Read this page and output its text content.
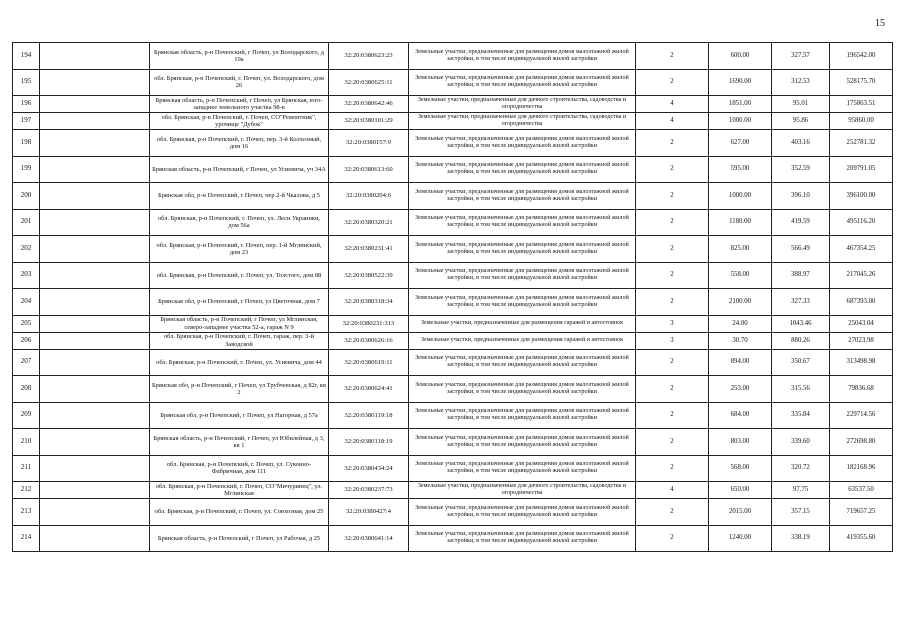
15
194		Брянская область, р-н Почепский, г Почеп, ул Володарского, д 19а	32:20:0380623:23	Земельные участки, предназначенные для размещения домов малоэтажной жилой застройки, в том числе индивидуальной жилой застройки	2	600.00	327.57	196542.00
195		обл. Брянская, р-н Почепский, г. Почеп, ул. Володарского, дом 26	32:20:0380625:11	Земельные участки, предназначенные для размещения домов малоэтажной жилой застройки, в том числе индивидуальной жилой застройки	2	1690.00	312.53	528175.70
196		Брянская область, р-н Почепский, г Почеп, ул Брянская, юго-западнее земельного участка 98-в	32:20:0380642:46	Земельные участки, предназначенные для дачного строительства, садоводства и огородничества	4	1851.00	95.01	175863.51
197		обл. Брянская, р-н Почепский, г. Почеп, СО"Ремонтник", урочище "Дубок"	32:20:0380101:29	Земельные участки, предназначенные для дачного строительства, садоводства и огородничества	4	1000.00	95.86	95860.00
198		обл. Брянская, р-н Почепский, г. Почеп, пер. 3-й Колхозный, дом 16	32:20:0380157:9	Земельные участки, предназначенные для размещения домов малоэтажной жилой застройки, в том числе индивидуальной жилой застройки	2	627.00	403.16	252781.32
199		Брянская область, р-н Почепский, г Почеп, ул Усиевича, уч 34А	32:20:0380613:60	Земельные участки, предназначенные для размещения домов малоэтажной жилой застройки, в том числе индивидуальной жилой застройки	2	595.00	352.59	209791.05
200		Брянская обл, р-н Почепский, г Почеп, пер 2-й Чкалова, д 5	32:20:0380204:6	Земельные участки, предназначенные для размещения домов малоэтажной жилой застройки, в том числе индивидуальной жилой застройки	2	1000.00	396.10	396100.00
201		обл. Брянская, р-н Почепский, г. Почеп, ул. Леси Украинки, дом 56а	32:20:0380320:21	Земельные участки, предназначенные для размещения домов малоэтажной жилой застройки, в том числе индивидуальной жилой застройки	2	1180.00	419.59	495116.20
202		обл. Брянская, р-н Почепский, г. Почеп, пер. 1-й Мглинский, дом 23	32:20:0380231:41	Земельные участки, предназначенные для размещения домов малоэтажной жилой застройки, в том числе индивидуальной жилой застройки	2	825.00	566.49	467354.25
203		обл. Брянская, р-н Почепский, г. Почеп, ул. Толстого, дом 88	32:20:0380522:39	Земельные участки, предназначенные для размещения домов малоэтажной жилой застройки, в том числе индивидуальной жилой застройки	2	558.00	388.97	217045.26
204		Брянская обл, р-н Почепский, г Почеп, ул Цветочная, дом 7	32:20:0380318:34	Земельные участки, предназначенные для размещения домов малоэтажной жилой застройки, в том числе индивидуальной жилой застройки	2	2100.00	327.33	687393.00
205		Брянская область, р-н Почепский, г Почеп, ул Мглинская, северо-западнее участка 52-а, гараж N 9	32:20:0380231:313	Земельные участки, предназначенные для размещения гаражей и автостоянок	3	24.00	1043.46	25043.04
206		обл. Брянская, р-н Почепский, г. Почеп, гараж, пер. 3-й Заводской	32:20:0380626:16	Земельные участки, предназначенные для размещения гаражей и автостоянок	3	30.70	880.26	27023.98
207		обл. Брянская, р-н Почепский, г. Почеп, ул. Усиевича, дом 44	32:20:0380619:11	Земельные участки, предназначенные для размещения домов малоэтажной жилой застройки, в том числе индивидуальной жилой застройки	2	894.00	350.67	313498.98
208		Брянская обл, р-н Почепский, г Почеп, ул Трубчевская, д 82г, кв 2	32:20:0380624:41	Земельные участки, предназначенные для размещения домов малоэтажной жилой застройки, в том числе индивидуальной жилой застройки	2	253.00	315.56	79836.68
209		Брянская обл, р-н Почепский, г Почеп, ул Нагорная, д 57а	32:20:0380119:18	Земельные участки, предназначенные для размещения домов малоэтажной жилой застройки, в том числе индивидуальной жилой застройки	2	684.00	335.84	229714.56
210		Брянская область, р-н Почепский, г Почеп, ул Юбилейная, д 3, кв 1	32:20:0380118:19	Земельные участки, предназначенные для размещения домов малоэтажной жилой застройки, в том числе индивидуальной жилой застройки	2	803.00	339.60	272698.80
211		обл. Брянская, р-н Почепский, г. Почеп, ул. Суконно-Фабричная, дом 111	32:20:0380434:24	Земельные участки, предназначенные для размещения домов малоэтажной жилой застройки, в том числе индивидуальной жилой застройки	2	568.00	320.72	182168.96
212		обл. Брянская, р-н Почепский, г. Почеп, СО"Мичуринец", ул. Мглинская	32:20:0380237:73	Земельные участки, предназначенные для дачного строительства, садоводства и огородничества	4	650.00	97.75	63537.50
213		обл. Брянская, р-н Почепский, г. Почеп, ул. Совхозная, дом 25	32:20:0380427:4	Земельные участки, предназначенные для размещения домов малоэтажной жилой застройки, в том числе индивидуальной жилой застройки	2	2015.00	357.15	719657.25
214		Брянская область, р-н Почепский, г Почеп, ул Рабочая, д 25	32:20:0380641:14	Земельные участки, предназначенные для размещения домов малоэтажной жилой застройки, в том числе индивидуальной жилой застройки	2	1240.00	338.19	419355.60
